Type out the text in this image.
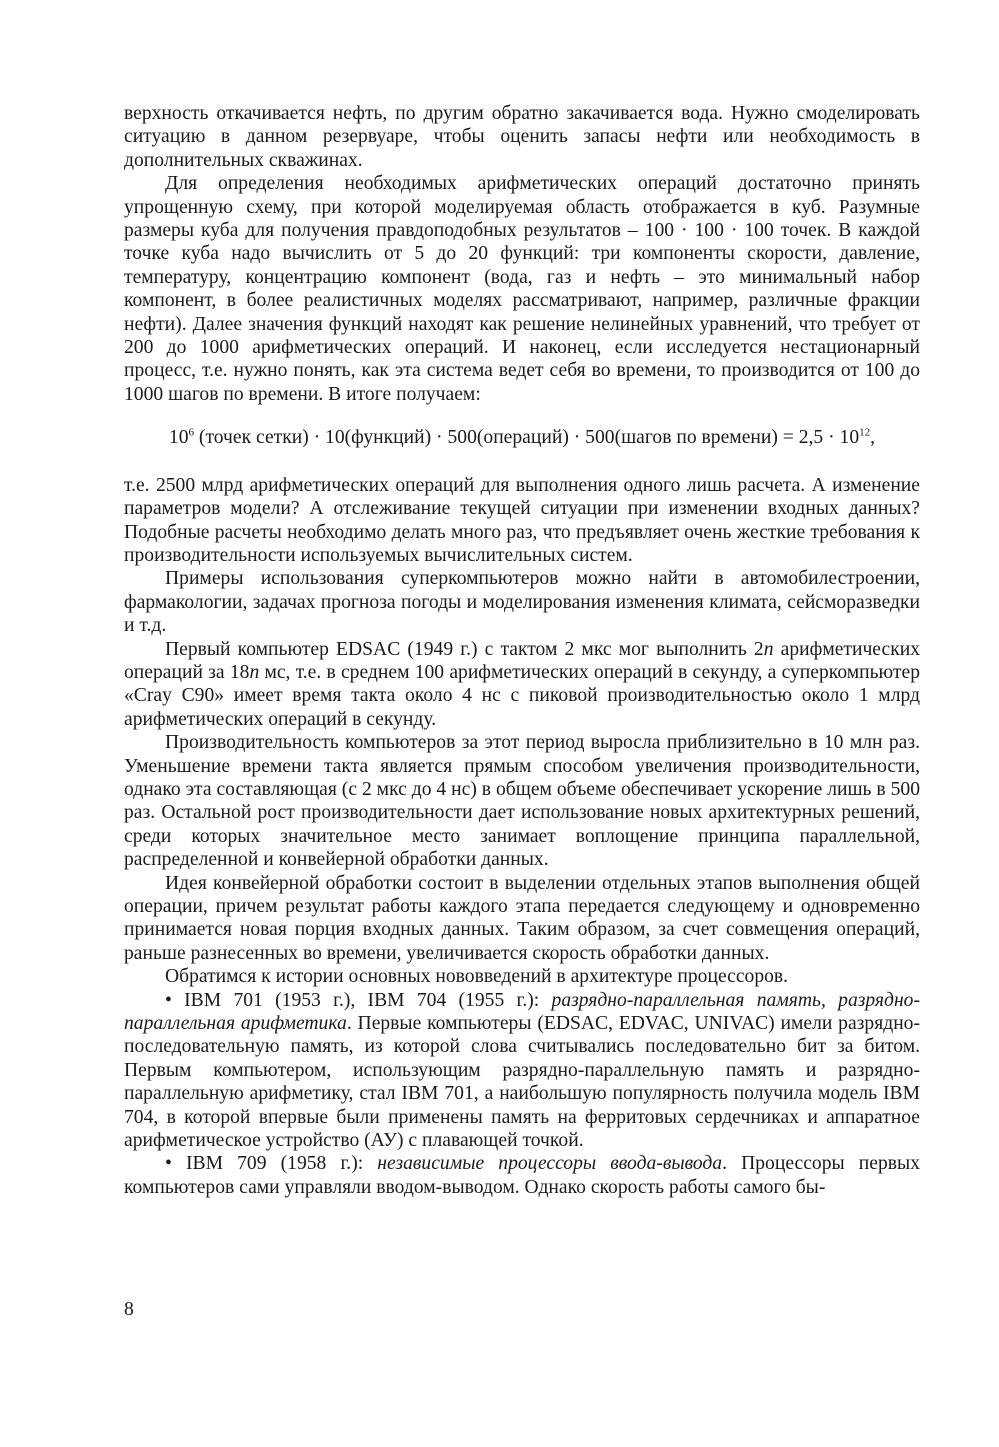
верхность откачивается нефть, по другим обратно закачивается вода. Нужно смоделировать ситуацию в данном резервуаре, чтобы оценить запасы нефти или необходимость в дополнительных скважинах.

Для определения необходимых арифметических операций достаточно принять упрощенную схему, при которой моделируемая область отображается в куб. Разумные размеры куба для получения правдоподобных результатов – 100 · 100 · 100 точек. В каждой точке куба надо вычислить от 5 до 20 функций: три компоненты скорости, давление, температуру, концентрацию компонент (вода, газ и нефть – это минимальный набор компонент, в более реалистичных моделях рассматривают, например, различные фракции нефти). Далее значения функций находят как решение нелинейных уравнений, что требует от 200 до 1000 арифметических операций. И наконец, если исследуется нестационарный процесс, т.е. нужно понять, как эта система ведет себя во времени, то производится от 100 до 1000 шагов по времени. В итоге получаем:

$10^6$ (точек сетки) · 10(функций) · 500(операций) · 500(шагов по времени) = $2,5 \cdot 10^{12}$,

т.е. 2500 млрд арифметических операций для выполнения одного лишь расчета. А изменение параметров модели? А отслеживание текущей ситуации при изменении входных данных? Подобные расчеты необходимо делать много раз, что предъявляет очень жесткие требования к производительности используемых вычислительных систем.

Примеры использования суперкомпьютеров можно найти в автомобилестроении, фармакологии, задачах прогноза погоды и моделирования изменения климата, сейсморазведки и т.д.

Первый компьютер EDSAC (1949 г.) с тактом 2 мкс мог выполнить 2n арифметических операций за 18n мс, т.е. в среднем 100 арифметических операций в секунду, а суперкомпьютер «Cray C90» имеет время такта около 4 нс с пиковой производительностью около 1 млрд арифметических операций в секунду.

Производительность компьютеров за этот период выросла приблизительно в 10 млн раз. Уменьшение времени такта является прямым способом увеличения производительности, однако эта составляющая (с 2 мкс до 4 нс) в общем объеме обеспечивает ускорение лишь в 500 раз. Остальной рост производительности дает использование новых архитектурных решений, среди которых значительное место занимает воплощение принципа параллельной, распределенной и конвейерной обработки данных.

Идея конвейерной обработки состоит в выделении отдельных этапов выполнения общей операции, причем результат работы каждого этапа передается следующему и одновременно принимается новая порция входных данных. Таким образом, за счет совмещения операций, раньше разнесенных во времени, увеличивается скорость обработки данных.

Обратимся к истории основных нововведений в архитектуре процессоров.

• IBM 701 (1953 г.), IBM 704 (1955 г.): разрядно-параллельная память, разрядно-параллельная арифметика. Первые компьютеры (EDSAC, EDVAC, UNIVAC) имели разрядно-последовательную память, из которой слова считывались последовательно бит за битом. Первым компьютером, использующим разрядно-параллельную память и разрядно-параллельную арифметику, стал IBM 701, а наибольшую популярность получила модель IBM 704, в которой впервые были применены память на ферритовых сердечниках и аппаратное арифметическое устройство (АУ) с плавающей точкой.

• IBM 709 (1958 г.): независимые процессоры ввода-вывода. Процессоры первых компьютеров сами управляли вводом-выводом. Однако скорость работы самого бы-

8
